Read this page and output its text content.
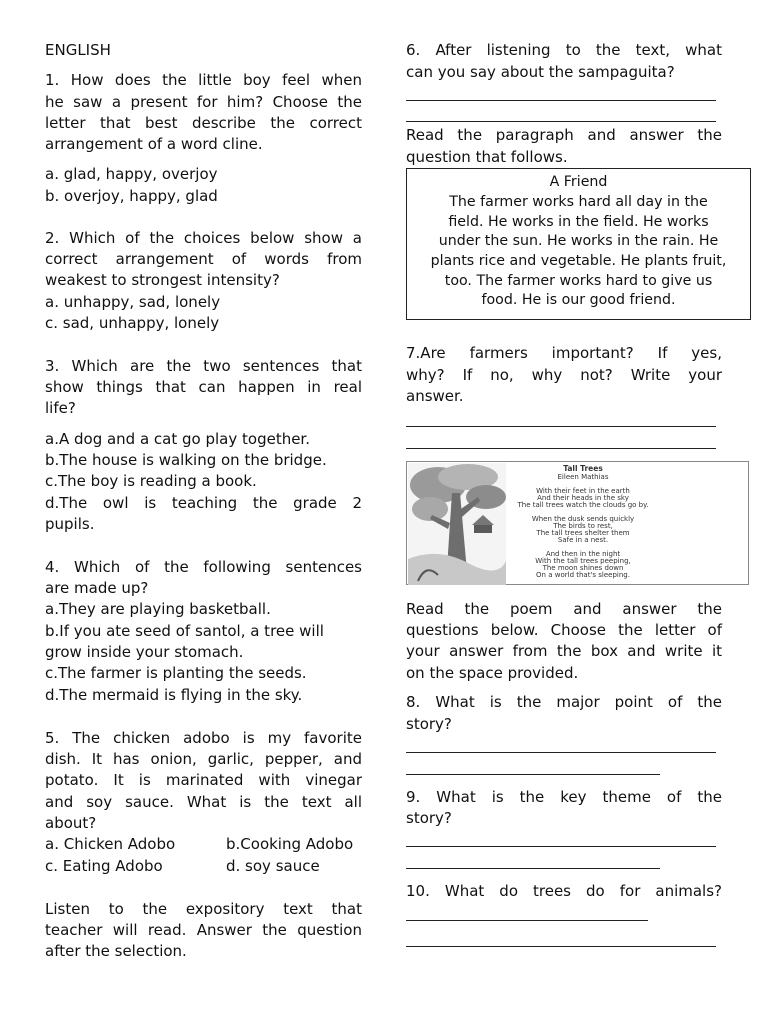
ENGLISH
1. How does the little boy feel when
he saw a present for him? Choose the
letter that best describe the correct
arrangement of a word cline.
a. glad, happy, overjoy
b. overjoy, happy, glad
2. Which of the choices below show a
correct arrangement of words from
weakest to strongest intensity?
a. unhappy, sad, lonely
c. sad, unhappy, lonely
3. Which are the two sentences that
show things that can happen in real
life?
a.A dog and a cat go play together.
b.The house is walking on the bridge.
c.The boy is reading a book.
d.The owl is teaching the grade 2
pupils.
4. Which of the following sentences
are made up?
a.They are playing basketball.
b.If you ate seed of santol, a tree will
grow inside your stomach.
c.The farmer is planting the seeds.
d.The mermaid is flying in the sky.
5. The chicken adobo is my favorite
dish. It has onion, garlic, pepper, and
potato. It is marinated with vinegar
and soy sauce. What is the text all
about?
a. Chicken Adobo	b.Cooking Adobo
c. Eating Adobo	d. soy sauce
Listen to the expository text that
teacher will read. Answer the question
after the selection.
6. After listening to the text, what
can you say about the sampaguita?
Read the paragraph and answer the
question that follows.
7.Are farmers important? If yes,
why? If no, why not? Write your
answer.
Read the poem and answer the
questions below. Choose the letter of
your answer from the box and write it
on the space provided.
8. What is the major point of the
story?
9. What is the key theme of the
story?
10. What do trees do for animals?
A Friend
The farmer works hard all day in the
field. He works in the field. He works
under the sun. He works in the rain. He
plants rice and vegetable. He plants fruit,
too. The farmer works hard to give us
food. He is our good friend.
Tall Trees
Eileen Mathias
With their feet in the earth
And their heads in the sky
The tall trees watch the clouds go by.
When the dusk sends quickly
The birds to rest,
The tall trees shelter them
Safe in a nest.
And then in the night
With the tall trees peeping,
The moon shines down
On a world that's sleeping.
